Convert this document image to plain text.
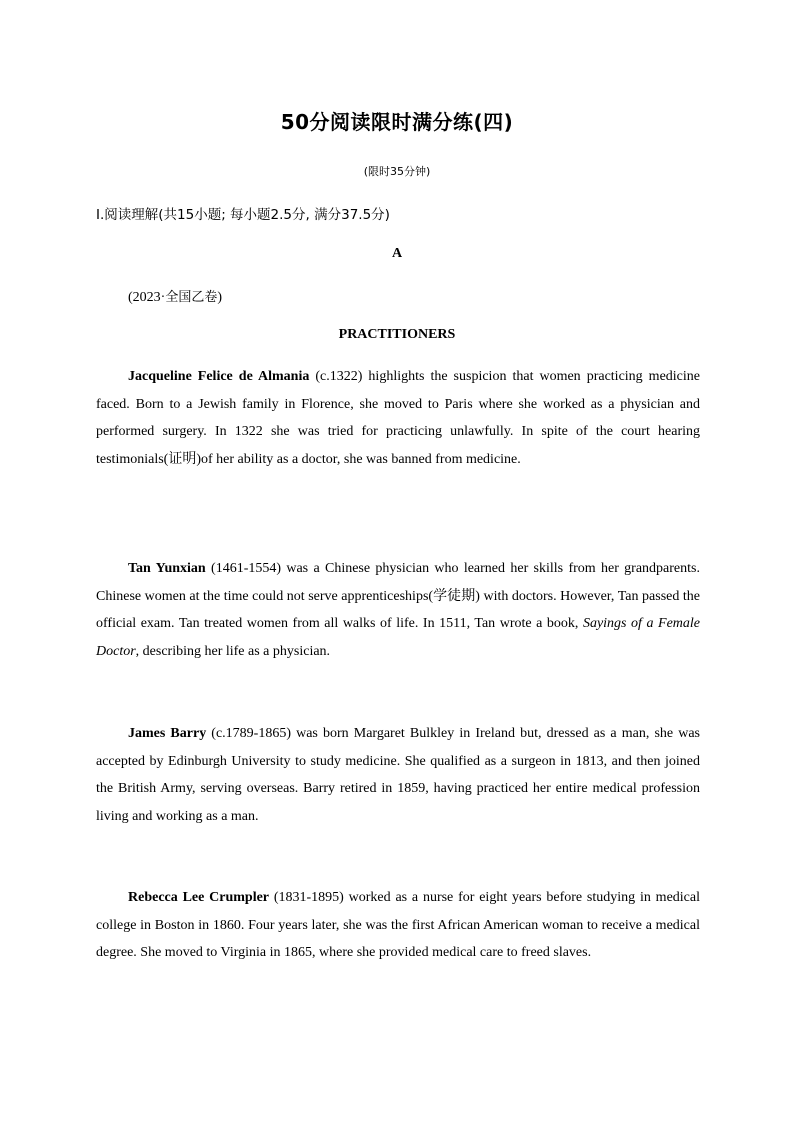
50分阅读限时满分练(四)
(限时35分钟)
Ⅰ.阅读理解(共15小题; 每小题2.5分, 满分37.5分)
A
(2023·全国乙卷)
PRACTITIONERS

Jacqueline Felice de Almania (c.1322) highlights the suspicion that women practicing medicine faced. Born to a Jewish family in Florence, she moved to Paris where she worked as a physician and performed surgery. In 1322 she was tried for practicing unlawfully. In spite of the court hearing testimonials(证明)of her ability as a doctor, she was banned from medicine.

Tan Yunxian (1461-1554) was a Chinese physician who learned her skills from her grandparents. Chinese women at the time could not serve apprenticeships(学徒期) with doctors. However, Tan passed the official exam. Tan treated women from all walks of life. In 1511, Tan wrote a book, Sayings of a Female Doctor, describing her life as a physician.

James Barry (c.1789-1865) was born Margaret Bulkley in Ireland but, dressed as a man, she was accepted by Edinburgh University to study medicine. She qualified as a surgeon in 1813, and then joined the British Army, serving overseas. Barry retired in 1859, having practiced her entire medical profession living and working as a man.

Rebecca Lee Crumpler (1831-1895) worked as a nurse for eight years before studying in medical college in Boston in 1860. Four years later, she was the first African American woman to receive a medical degree. She moved to Virginia in 1865, where she provided medical care to freed slaves.
